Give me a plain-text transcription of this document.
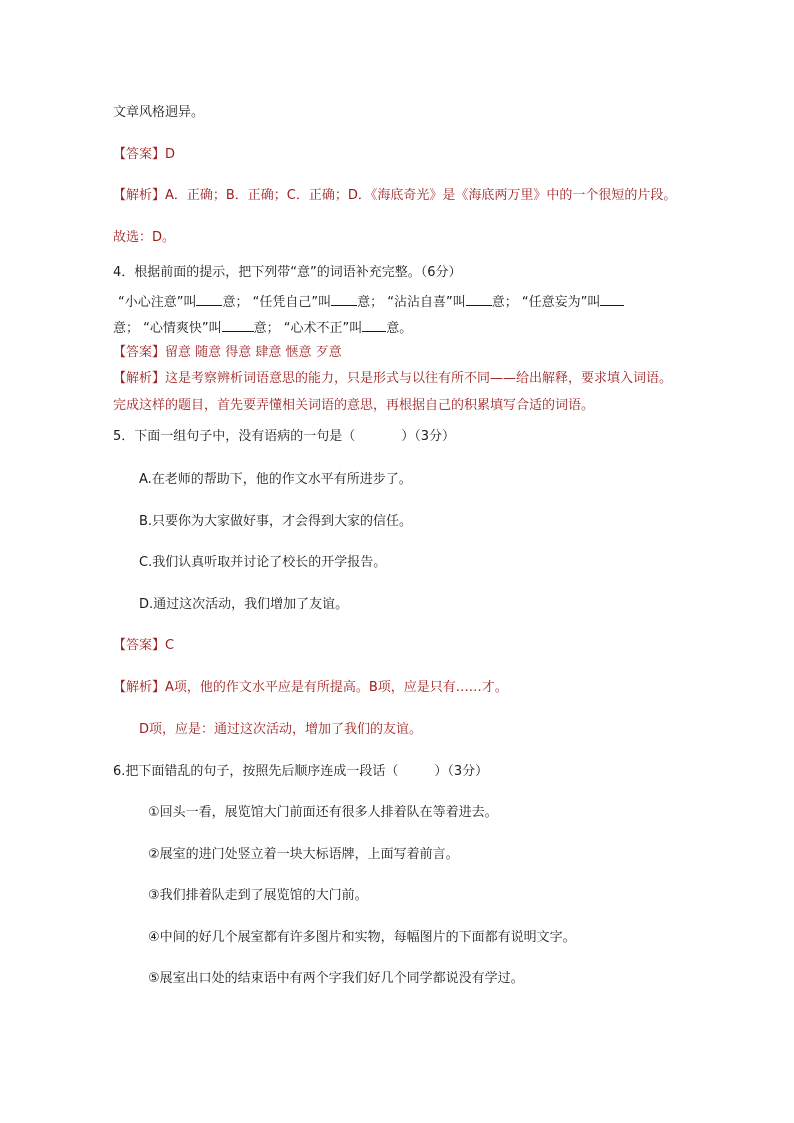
文章风格迥异。
【答案】D
【解析】A．正确；B．正确；C．正确；D．《海底奇光》是《海底两万里》中的一个很短的片段。
故选：D。
4．根据前面的提示，把下列带“意”的词语补充完整。（6分）
“小心注意”叫 意； “任凭自己”叫 意； “沾沾自喜”叫 意； “任意妄为”叫
意； “心情爽快”叫 意； “心术不正”叫 意。
【答案】留意 随意 得意 肆意 惬意 歹意
【解析】这是考察辨析词语意思的能力，只是形式与以往有所不同——给出解释，要求填入词语。
完成这样的题目，首先要弄懂相关词语的意思，再根据自己的积累填写合适的词语。
5．下面一组句子中，没有语病的一句是（	）（3分）
A.在老师的帮助下，他的作文水平有所进步了。
B.只要你为大家做好事，才会得到大家的信任。
C.我们认真听取并讨论了校长的开学报告。
D.通过这次活动，我们增加了友谊。
【答案】C
【解析】A项，他的作文水平应是有所提高。B项，应是只有……才。
D项，应是：通过这次活动，增加了我们的友谊。
6.把下面错乱的句子，按照先后顺序连成一段话（	）（3分）
①回头一看，展览馆大门前面还有很多人排着队在等着进去。
②展室的进门处竖立着一块大标语牌，上面写着前言。
③我们排着队走到了展览馆的大门前。
④中间的好几个展室都有许多图片和实物，每幅图片的下面都有说明文字。
⑤展室出口处的结束语中有两个字我们好几个同学都说没有学过。
